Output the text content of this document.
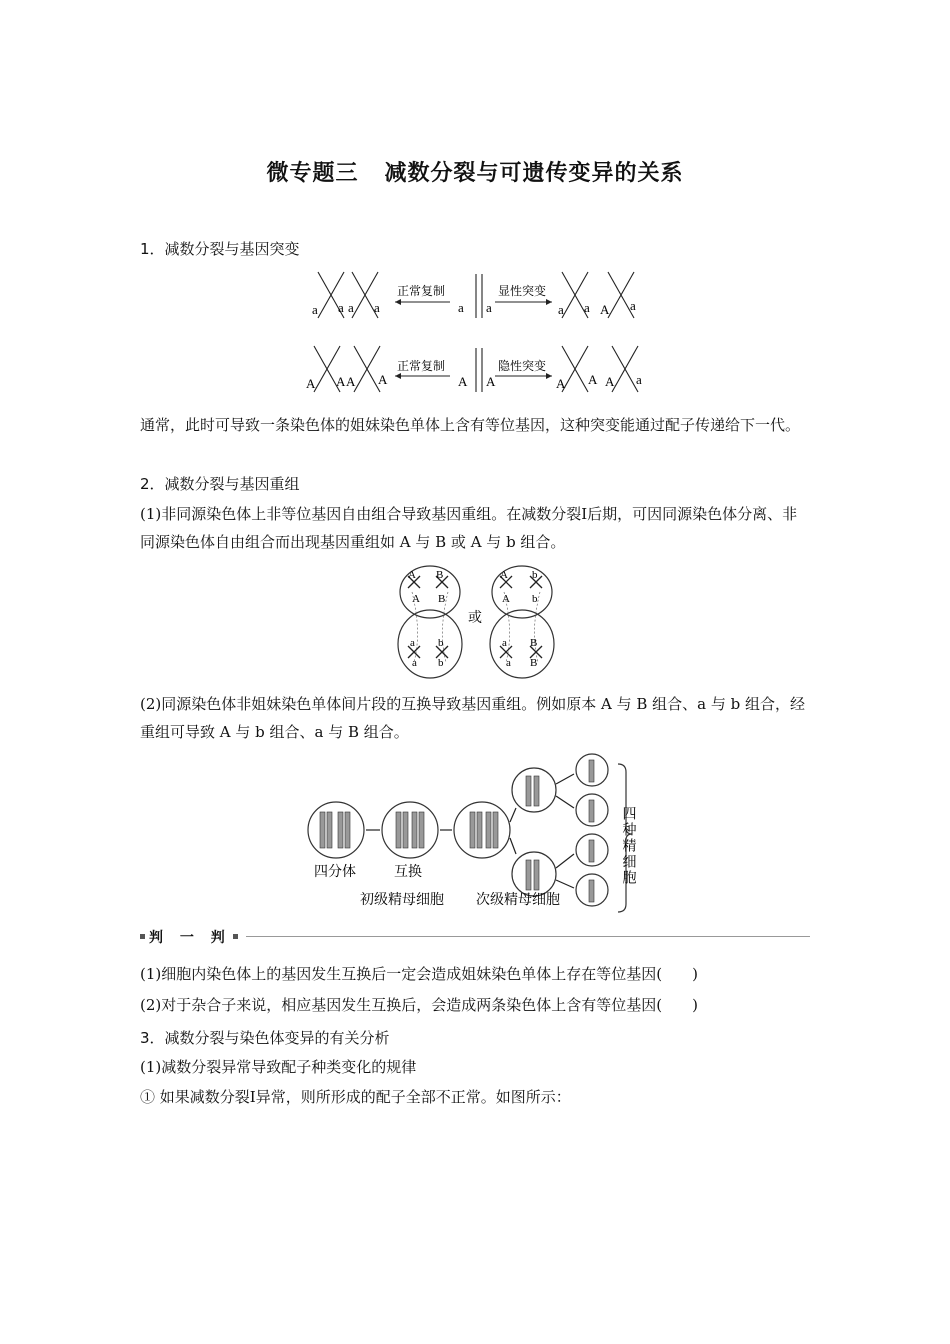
微专题三 减数分裂与可遗传变异的关系
1．减数分裂与基因突变
正常复制	显性突变
正常复制	隐性突变
a a a a	a a	a a A a
A A A A	A A	A A A a
通常，此时可导致一条染色体的姐妹染色单体上含有等位基因，这种突变能通过配子传递给下一代。
2．减数分裂与基因重组
(1)非同源染色体上非等位基因自由组合导致基因重组。在减数分裂Ⅰ后期，可因同源染色体分离、非同源染色体自由组合而出现基因重组如 A 与 B 或 A 与 b 组合。
A
A
A
A
a
a
a
a
或
B
B
b
b
b
b
B
B
(2)同源染色体非姐妹染色单体间片段的互换导致基因重组。例如原本 A 与 B 组合、a 与 b 组合，经重组可导致 A 与 b 组合、a 与 B 组合。
四分体	互换
初级精母细胞 次级精母细胞
四种精细胞
判 一 判
(1)细胞内染色体上的基因发生互换后一定会造成姐妹染色单体上存在等位基因( )
(2)对于杂合子来说，相应基因发生互换后，会造成两条染色体上含有等位基因( )
3．减数分裂与染色体变异的有关分析
(1)减数分裂异常导致配子种类变化的规律
① 如果减数分裂Ⅰ异常，则所形成的配子全部不正常。如图所示：
